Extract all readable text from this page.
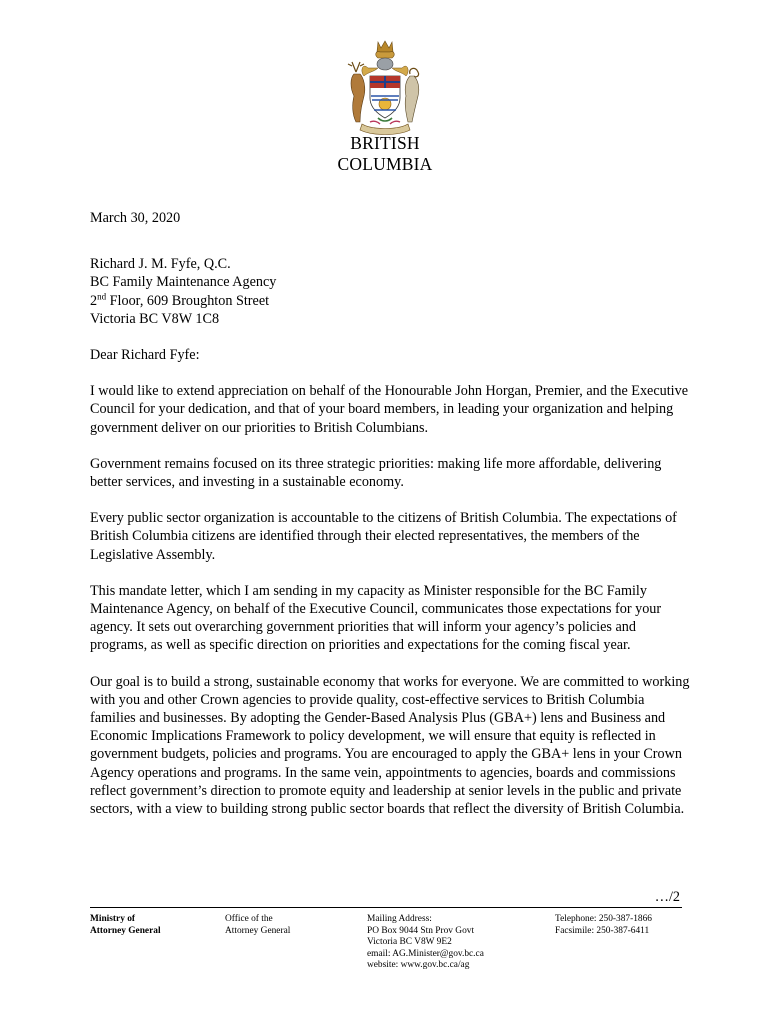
BRITISH
COLUMBIA

March 30, 2020

Richard J. M. Fyfe, Q.C.
BC Family Maintenance Agency
2nd Floor, 609 Broughton Street
Victoria BC V8W 1C8

Dear Richard Fyfe:

I would like to extend appreciation on behalf of the Honourable John Horgan, Premier, and the Executive Council for your dedication, and that of your board members, in leading your organization and helping government deliver on our priorities to British Columbians.

Government remains focused on its three strategic priorities: making life more affordable, delivering better services, and investing in a sustainable economy.

Every public sector organization is accountable to the citizens of British Columbia. The expectations of British Columbia citizens are identified through their elected representatives, the members of the Legislative Assembly.

This mandate letter, which I am sending in my capacity as Minister responsible for the BC Family Maintenance Agency, on behalf of the Executive Council, communicates those expectations for your agency. It sets out overarching government priorities that will inform your agency’s policies and programs, as well as specific direction on priorities and expectations for the coming fiscal year.

Our goal is to build a strong, sustainable economy that works for everyone. We are committed to working with you and other Crown agencies to provide quality, cost-effective services to British Columbia families and businesses. By adopting the Gender-Based Analysis Plus (GBA+) lens and Business and Economic Implications Framework to policy development, we will ensure that equity is reflected in government budgets, policies and programs. You are encouraged to apply the GBA+ lens in your Crown Agency operations and programs. In the same vein, appointments to agencies, boards and commissions reflect government’s direction to promote equity and leadership at senior levels in the public and private sectors, with a view to building strong public sector boards that reflect the diversity of British Columbia.

…/2
Ministry of
Attorney General
Office of the
Attorney General
Mailing Address:
PO Box 9044 Stn Prov Govt
Victoria BC V8W 9E2
email: AG.Minister@gov.bc.ca
website: www.gov.bc.ca/ag
Telephone: 250-387-1866
Facsimile: 250-387-6411
